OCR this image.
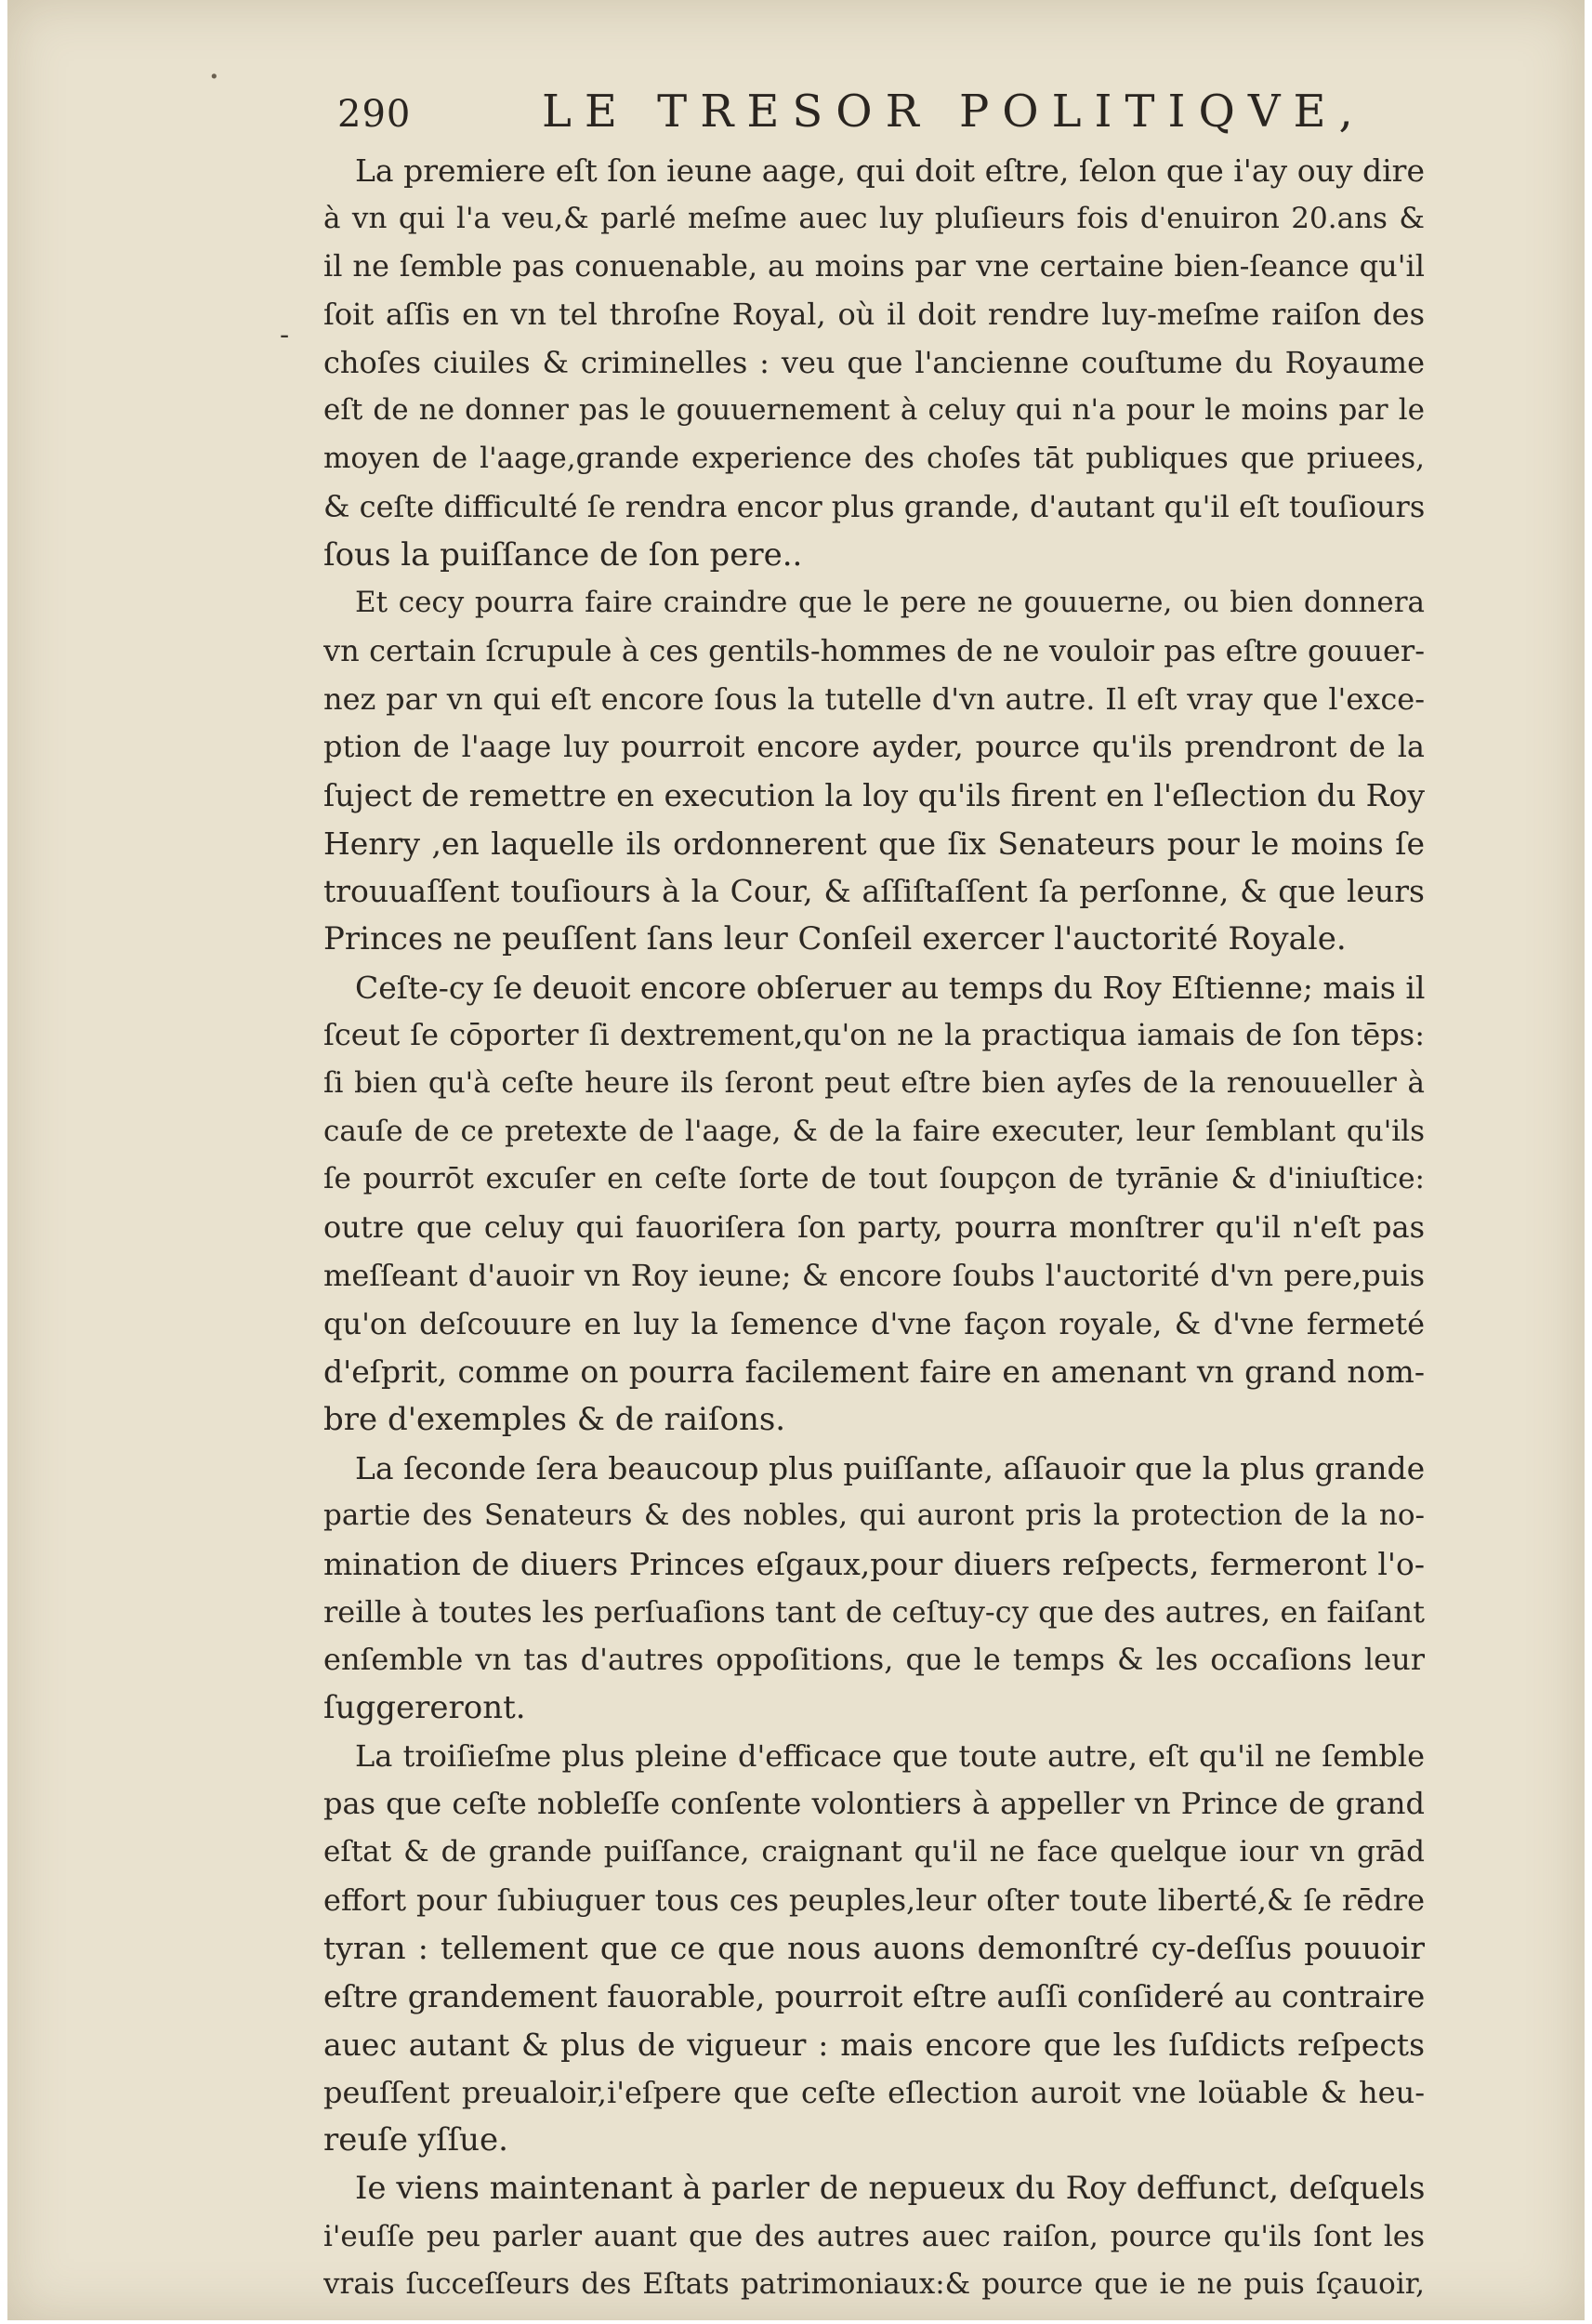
·
-
290	LE TRESOR POLITIQVE,
La premiere eſt ſon ieune aage, qui doit eſtre, ſelon que i'ay ouy dire
à vn qui l'a veu,& parlé meſme auec luy pluſieurs fois d'enuiron 20.ans &
il ne ſemble pas conuenable, au moins par vne certaine bien-ſeance qu'il
ſoit aſſis en vn tel throſne Royal, où il doit rendre luy-meſme raiſon des
choſes ciuiles & criminelles : veu que l'ancienne couſtume du Royaume
eſt de ne donner pas le gouuernement à celuy qui n'a pour le moins par le
moyen de l'aage,grande experience des choſes tāt publiques que priuees,
& ceſte difficulté ſe rendra encor plus grande, d'autant qu'il eſt touſiours
ſous la puiſſance de ſon pere..
Et cecy pourra faire craindre que le pere ne gouuerne, ou bien donnera
vn certain ſcrupule à ces gentils-hommes de ne vouloir pas eſtre gouuer-
nez par vn qui eſt encore ſous la tutelle d'vn autre. Il eſt vray que l'exce-
ption de l'aage luy pourroit encore ayder, pource qu'ils prendront de la
ſuject de remettre en execution la loy qu'ils firent en l'eſlection du Roy
Henry ,en laquelle ils ordonnerent que ſix Senateurs pour le moins ſe
trouuaſſent touſiours à la Cour, & aſſiſtaſſent ſa perſonne, & que leurs
Princes ne peuſſent ſans leur Conſeil exercer l'auctorité Royale.
Ceſte-cy ſe deuoit encore obſeruer au temps du Roy Eſtienne; mais il
ſceut ſe cōporter ſi dextrement,qu'on ne la practiqua iamais de ſon tēps:
ſi bien qu'à ceſte heure ils ſeront peut eſtre bien ayſes de la renouueller à
cauſe de ce pretexte de l'aage, & de la faire executer, leur ſemblant qu'ils
ſe pourrōt excuſer en ceſte ſorte de tout ſoupçon de tyrānie & d'iniuſtice:
outre que celuy qui fauoriſera ſon party, pourra monſtrer qu'il n'eſt pas
meſſeant d'auoir vn Roy ieune; & encore ſoubs l'auctorité d'vn pere,puis
qu'on deſcouure en luy la ſemence d'vne façon royale, & d'vne fermeté
d'eſprit, comme on pourra facilement faire en amenant vn grand nom-
bre d'exemples & de raiſons.
La ſeconde ſera beaucoup plus puiſſante, aſſauoir que la plus grande
partie des Senateurs & des nobles, qui auront pris la protection de la no-
mination de diuers Princes eſgaux,pour diuers reſpects, fermeront l'o-
reille à toutes les perſuaſions tant de ceſtuy-cy que des autres, en faiſant
enſemble vn tas d'autres oppoſitions, que le temps & les occaſions leur
ſuggereront.
La troiſieſme plus pleine d'efficace que toute autre, eſt qu'il ne ſemble
pas que ceſte nobleſſe conſente volontiers à appeller vn Prince de grand
eſtat & de grande puiſſance, craignant qu'il ne face quelque iour vn grād
effort pour ſubiuguer tous ces peuples,leur oſter toute liberté,& ſe rēdre
tyran : tellement que ce que nous auons demonſtré cy-deſſus pouuoir
eſtre grandement fauorable, pourroit eſtre auſſi conſideré au contraire
auec autant & plus de vigueur : mais encore que les ſuſdicts reſpects
peuſſent preualoir,i'eſpere que ceſte eſlection auroit vne loüable & heu-
reuſe yſſue.
Ie viens maintenant à parler de nepueux du Roy deffunct, deſquels
i'euſſe peu parler auant que des autres auec raiſon, pource qu'ils ſont les
vrais ſucceſſeurs des Eſtats patrimoniaux:& pource que ie ne puis ſçauoir,
